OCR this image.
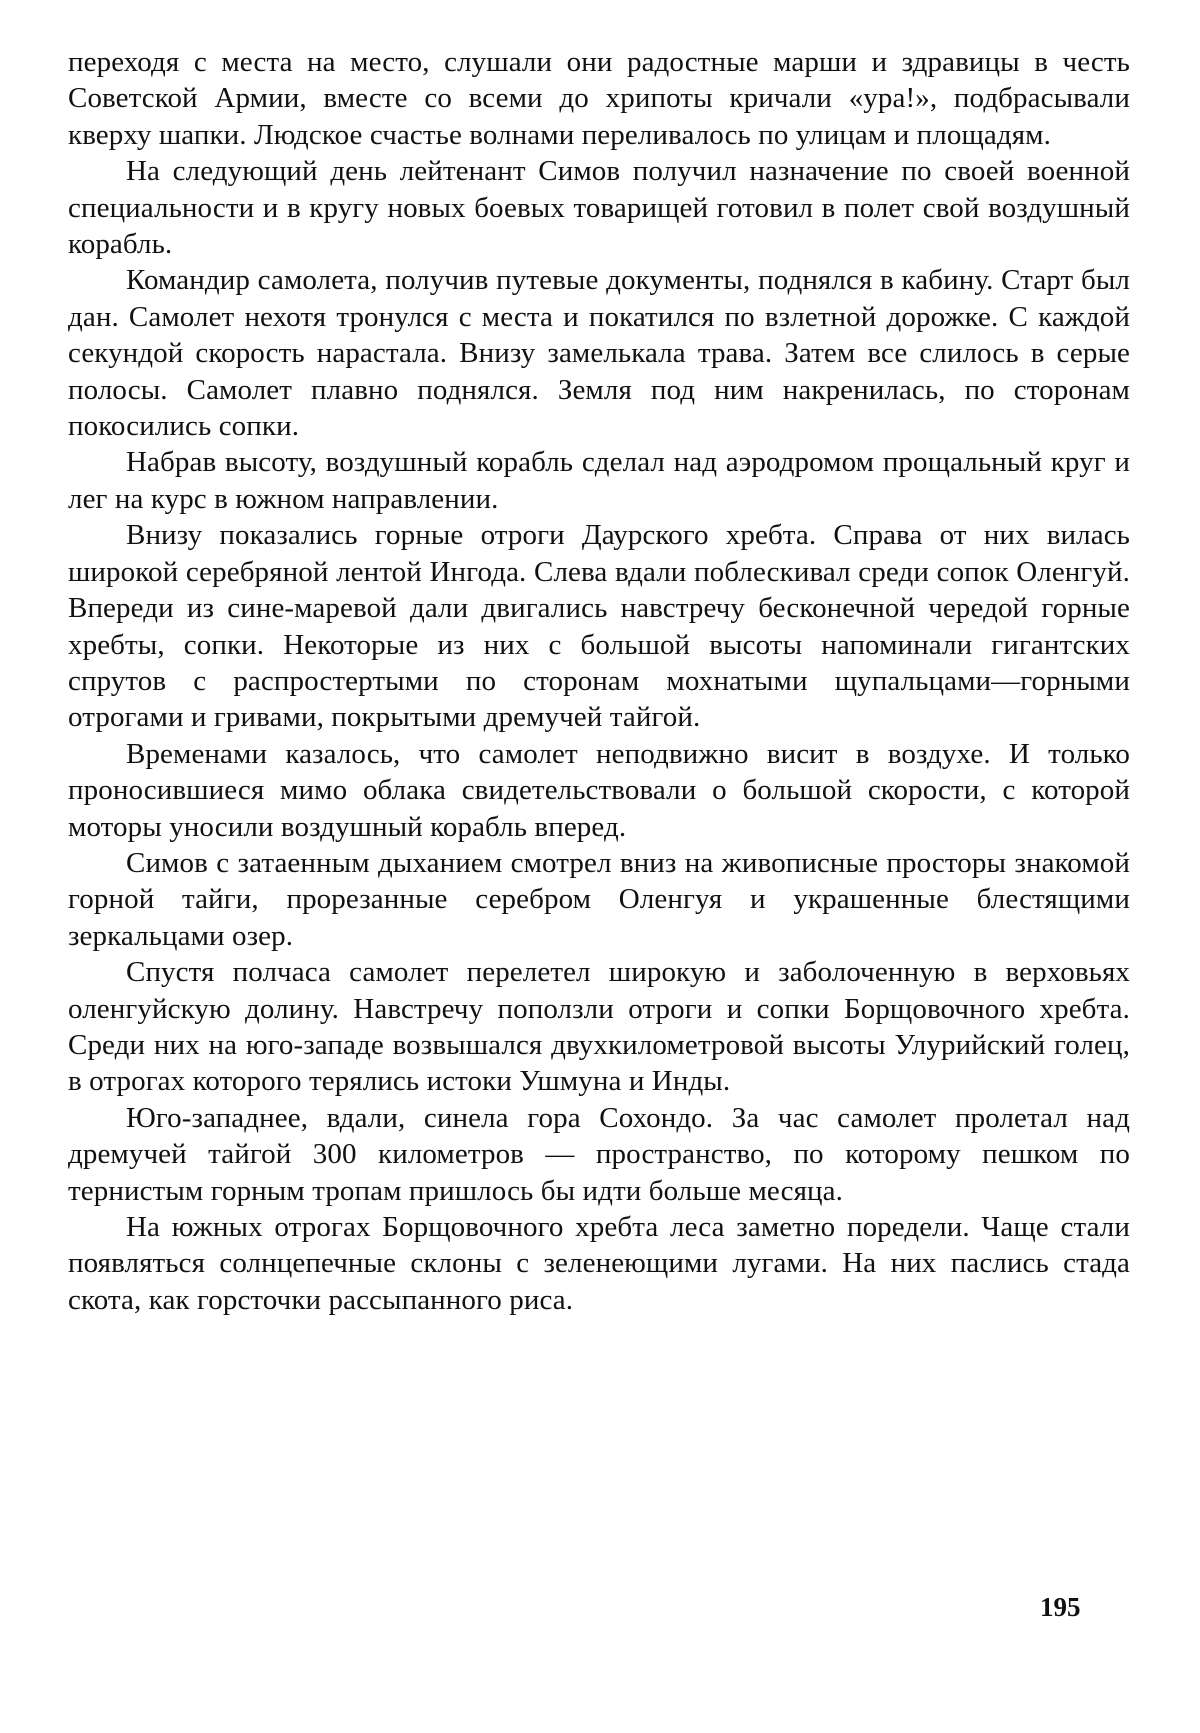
переходя с места на место, слушали они радостные марши и здравицы в честь Советской Армии, вместе со всеми до хрипоты кричали «ура!», подбрасывали кверху шапки. Людское счастье волнами переливалось по улицам и площадям.

На следующий день лейтенант Симов получил назначение по своей военной специальности и в кругу новых боевых товарищей готовил в полет свой воздушный корабль.

Командир самолета, получив путевые документы, поднялся в кабину. Старт был дан. Самолет нехотя тронулся с места и покатился по взлетной дорожке. С каждой секундой скорость нарастала. Внизу замелькала трава. Затем все слилось в серые полосы. Самолет плавно поднялся. Земля под ним накренилась, по сторонам покосились сопки.

Набрав высоту, воздушный корабль сделал над аэродромом прощальный круг и лег на курс в южном направлении.

Внизу показались горные отроги Даурского хребта. Справа от них вилась широкой серебряной лентой Ингода. Слева вдали поблескивал среди сопок Оленгуй. Впереди из сине-маревой дали двигались навстречу бесконечной чередой горные хребты, сопки. Некоторые из них с большой высоты напоминали гигантских спрутов с распростертыми по сторонам мохнатыми щупальцами—горными отрогами и гривами, покрытыми дремучей тайгой.

Временами казалось, что самолет неподвижно висит в воздухе. И только проносившиеся мимо облака свидетельствовали о большой скорости, с которой моторы уносили воздушный корабль вперед.

Симов с затаенным дыханием смотрел вниз на живописные просторы знакомой горной тайги, прорезанные серебром Оленгуя и украшенные блестящими зеркальцами озер.

Спустя полчаса самолет перелетел широкую и заболоченную в верховьях оленгуйскую долину. Навстречу поползли отроги и сопки Борщовочного хребта. Среди них на юго-западе возвышался двухкилометровой высоты Улурийский голец, в отрогах которого терялись истоки Ушмуна и Инды.

Юго-западнее, вдали, синела гора Сохондо. За час самолет пролетал над дремучей тайгой 300 километров — пространство, по которому пешком по тернистым горным тропам пришлось бы идти больше месяца.

На южных отрогах Борщовочного хребта леса заметно поредели. Чаще стали появляться солнцепечные склоны с зеленеющими лугами. На них паслись стада скота, как горсточки рассыпанного риса.

195
